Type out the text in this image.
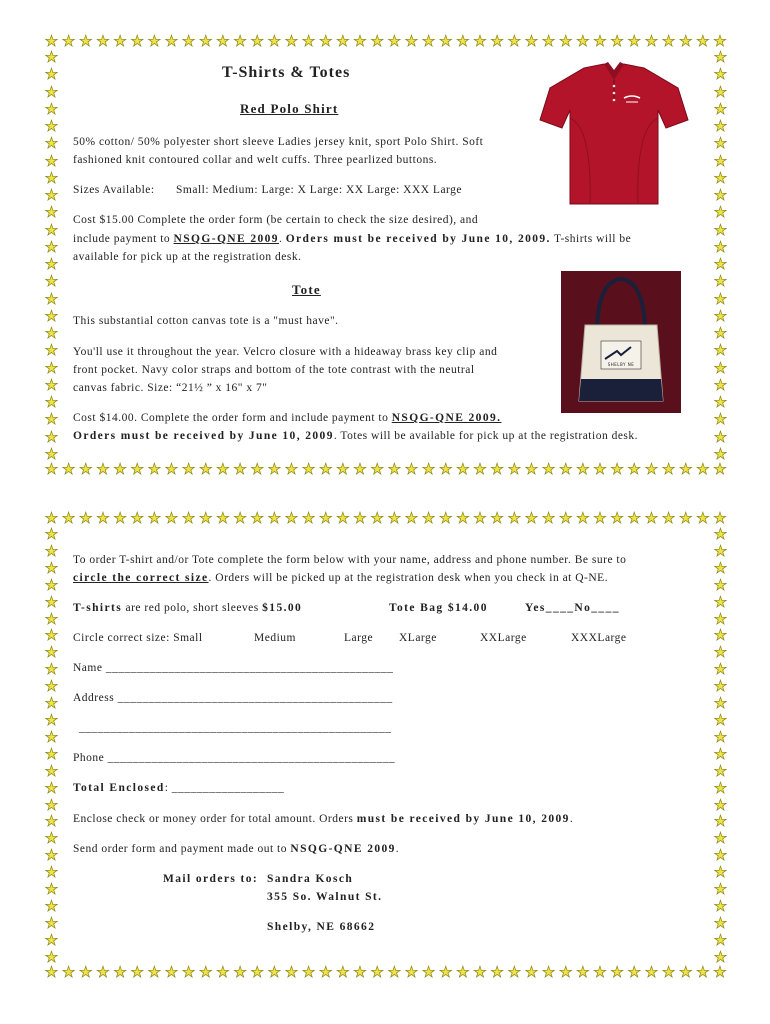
★ ★ ★ ★ ★ ★ ★ ★ ★ ★ ★ ★ ★ ★ ★ ★ ★ ★ ★ ★ ★ ★ ★ ★ ★ ★ ★ ★ ★ ★ ★ ★ ★ ★ ★ ★ ★ ★ ★ ★
★ ★ ★ ★ ★ ★ ★ ★ ★ ★ ★ ★ ★ ★ ★ ★ ★ ★ ★ ★ ★ ★ ★ ★ ★ ★ ★ ★ ★ ★ ★ ★ ★ ★ ★ ★ ★ ★ ★ ★
★
★
★
★
★
★
★
★
★
★
★
★
★
★
★
★
★
★
★
★
★
★
★
★
★
★
★
★
★
★
★
★
★
★
★
★
★
★
★
★
★
★
★
★
★
★
★
★
T-Shirts & Totes
Red Polo Shirt
50% cotton/ 50% polyester short sleeve Ladies jersey knit, sport Polo Shirt. Soft
fashioned knit contoured collar and welt cuffs. Three pearlized buttons.
Sizes Available: Small: Medium: Large: X Large: XX Large: XXX Large
Cost $15.00 Complete the order form (be certain to check the size desired), and
include payment to NSQG-QNE 2009. Orders must be received by June 10, 2009. T-shirts will be
available for pick up at the registration desk.
Tote
This substantial cotton canvas tote is a "must have".
You'll use it throughout the year. Velcro closure with a hideaway brass key clip and
front pocket. Navy color straps and bottom of the tote contrast with the neutral
canvas fabric. Size: “21½ ” x 16" x 7"
Cost $14.00. Complete the order form and include payment to NSQG-QNE 2009.
Orders must be received by June 10, 2009. Totes will be available for pick up at the registration desk.
SHELBY NE
★ ★ ★ ★ ★ ★ ★ ★ ★ ★ ★ ★ ★ ★ ★ ★ ★ ★ ★ ★ ★ ★ ★ ★ ★ ★ ★ ★ ★ ★ ★ ★ ★ ★ ★ ★ ★ ★ ★ ★
★ ★ ★ ★ ★ ★ ★ ★ ★ ★ ★ ★ ★ ★ ★ ★ ★ ★ ★ ★ ★ ★ ★ ★ ★ ★ ★ ★ ★ ★ ★ ★ ★ ★ ★ ★ ★ ★ ★ ★
★
★
★
★
★
★
★
★
★
★
★
★
★
★
★
★
★
★
★
★
★
★
★
★
★
★
★
★
★
★
★
★
★
★
★
★
★
★
★
★
★
★
★
★
★
★
★
★
★
★
★
★
To order T-shirt and/or Tote complete the form below with your name, address and phone number. Be sure to
circle the correct size. Orders will be picked up at the registration desk when you check in at Q-NE.
T-shirts are red polo, short sleeves $15.00	Tote Bag $14.00	Yes____No____
Circle correct size: Small	Medium	Large XLarge	XXLarge	XXXLarge
Name ______________________________________________
Address ____________________________________________
__________________________________________________
Phone ______________________________________________
Total Enclosed: __________________
Enclose check or money order for total amount. Orders must be received by June 10, 2009.
Send order form and payment made out to NSQG-QNE 2009.
Mail orders to: Sandra Kosch
355 So. Walnut St.
Shelby, NE 68662
